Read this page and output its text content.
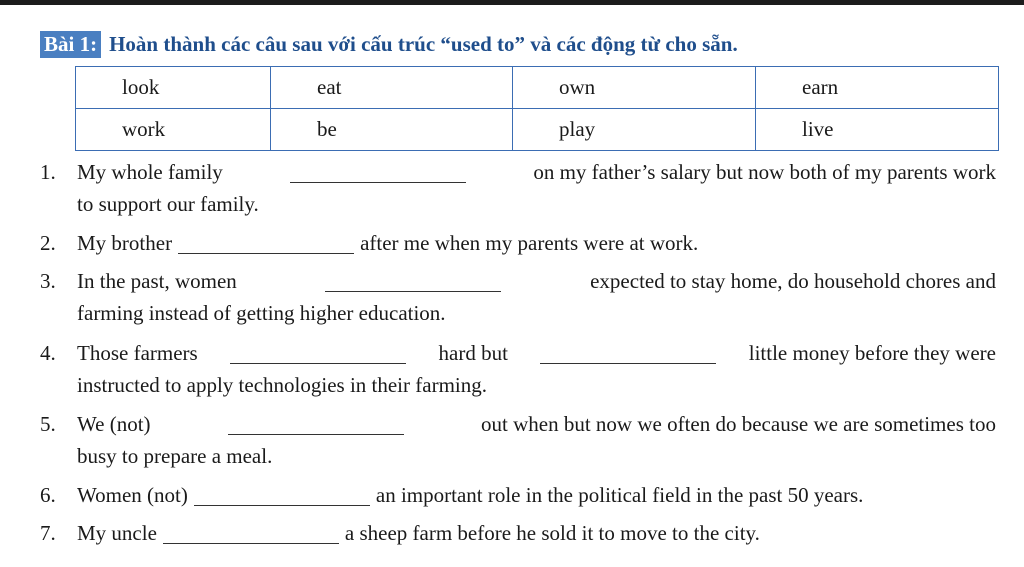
Bài 1: Hoàn thành các câu sau với cấu trúc “used to” và các động từ cho sẵn.
look	eat	own	earn
work	be	play	live
1. My whole family	on my father’s salary but now both of my parents work
to support our family.
2.	My brother	after me when my parents were at work.
3. In the past, women	expected to stay home, do household chores and
farming instead of getting higher education.
4. Those farmers	hard but	little money before they were
instructed to apply technologies in their farming.
5. We (not)	out when but now we often do because we are sometimes too
busy to prepare a meal.
6.	Women (not)	an important role in the political field in the past 50 years.
7.	My uncle	a sheep farm before he sold it to move to the city.
